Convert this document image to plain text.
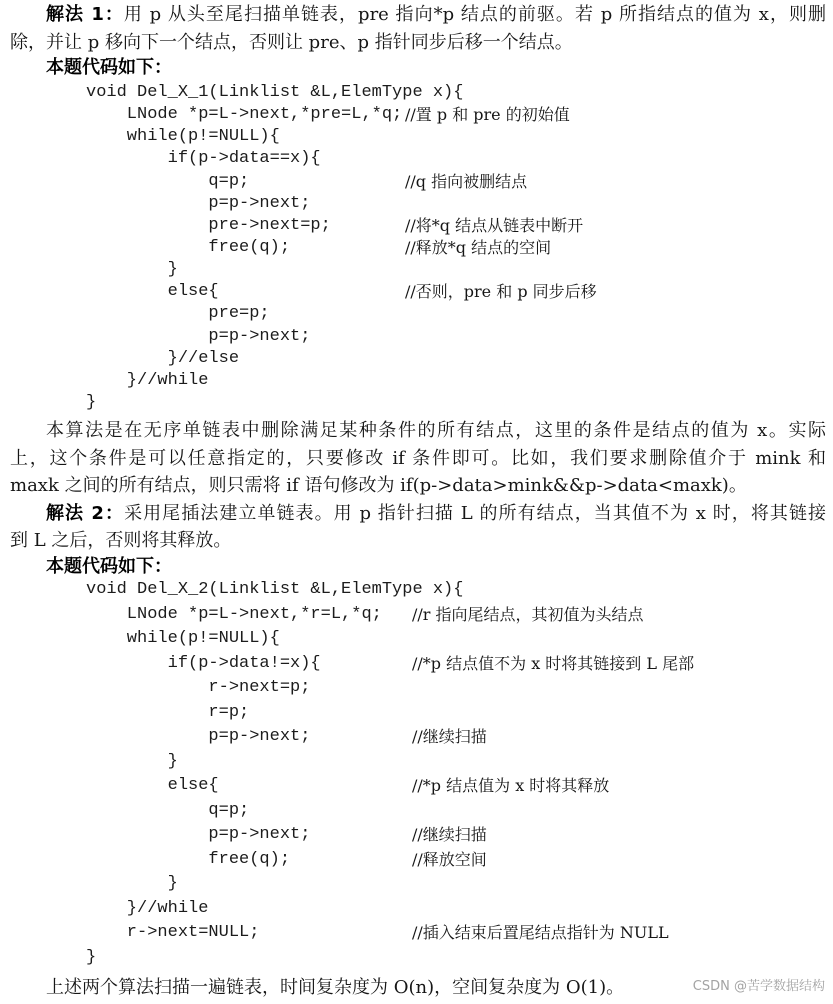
解法 1：用 p 从头至尾扫描单链表，pre 指向*p 结点的前驱。若 p 所指结点的值为 x，则删
除，并让 p 移向下一个结点，否则让 pre、p 指针同步后移一个结点。
本题代码如下：
void Del_X_1(Linklist &L,ElemType x){
LNode *p=L->next,*pre=L,*q; //置 p 和 pre 的初始值
while(p!=NULL){
if(p->data==x){
q=p;	//q 指向被删结点
p=p->next;
pre->next=p;	//将*q 结点从链表中断开
free(q);	//释放*q 结点的空间
}
else{	//否则，pre 和 p 同步后移
pre=p;
p=p->next;
}//else
}//while
}
本算法是在无序单链表中删除满足某种条件的所有结点，这里的条件是结点的值为 x。实际
上，这个条件是可以任意指定的，只要修改 if 条件即可。比如，我们要求删除值介于 mink 和
maxk 之间的所有结点，则只需将 if 语句修改为 if(p->data>mink&&p->data<maxk)。
解法 2：采用尾插法建立单链表。用 p 指针扫描 L 的所有结点，当其值不为 x 时，将其链接
到 L 之后，否则将其释放。
本题代码如下：
void Del_X_2(Linklist &L,ElemType x){
LNode *p=L->next,*r=L,*q; //r 指向尾结点，其初值为头结点
while(p!=NULL){
if(p->data!=x){	//*p 结点值不为 x 时将其链接到 L 尾部
r->next=p;
r=p;
p=p->next;	//继续扫描
}
else{	//*p 结点值为 x 时将其释放
q=p;
p=p->next;	//继续扫描
free(q);	//释放空间
}
}//while
r->next=NULL;	//插入结束后置尾结点指针为 NULL
}
上述两个算法扫描一遍链表，时间复杂度为 O(n)，空间复杂度为 O(1)。	CSDN @苦学数据结构
